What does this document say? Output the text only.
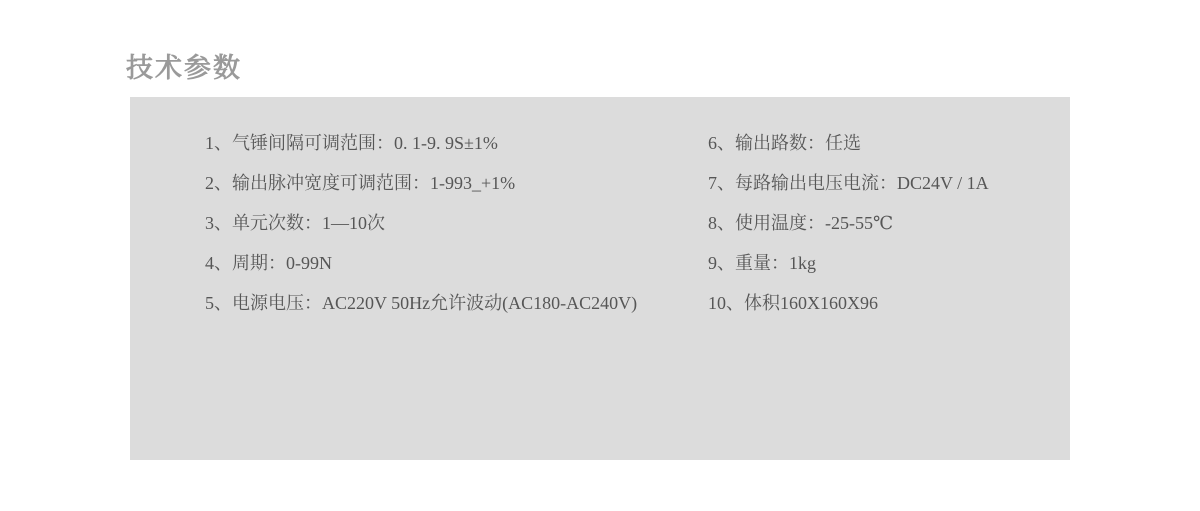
技术参数
1、气锤间隔可调范围：0. 1-9. 9S±1%
2、输出脉冲宽度可调范围：1-993_+1%
3、单元次数：1—10次
4、周期：0-99N
5、电源电压：AC220V 50Hz允许波动(AC180-AC240V)
6、输出路数：任选
7、每路输出电压电流：DC24V / 1A
8、使用温度：-25-55℃
9、重量：1kg
10、体积160X160X96
